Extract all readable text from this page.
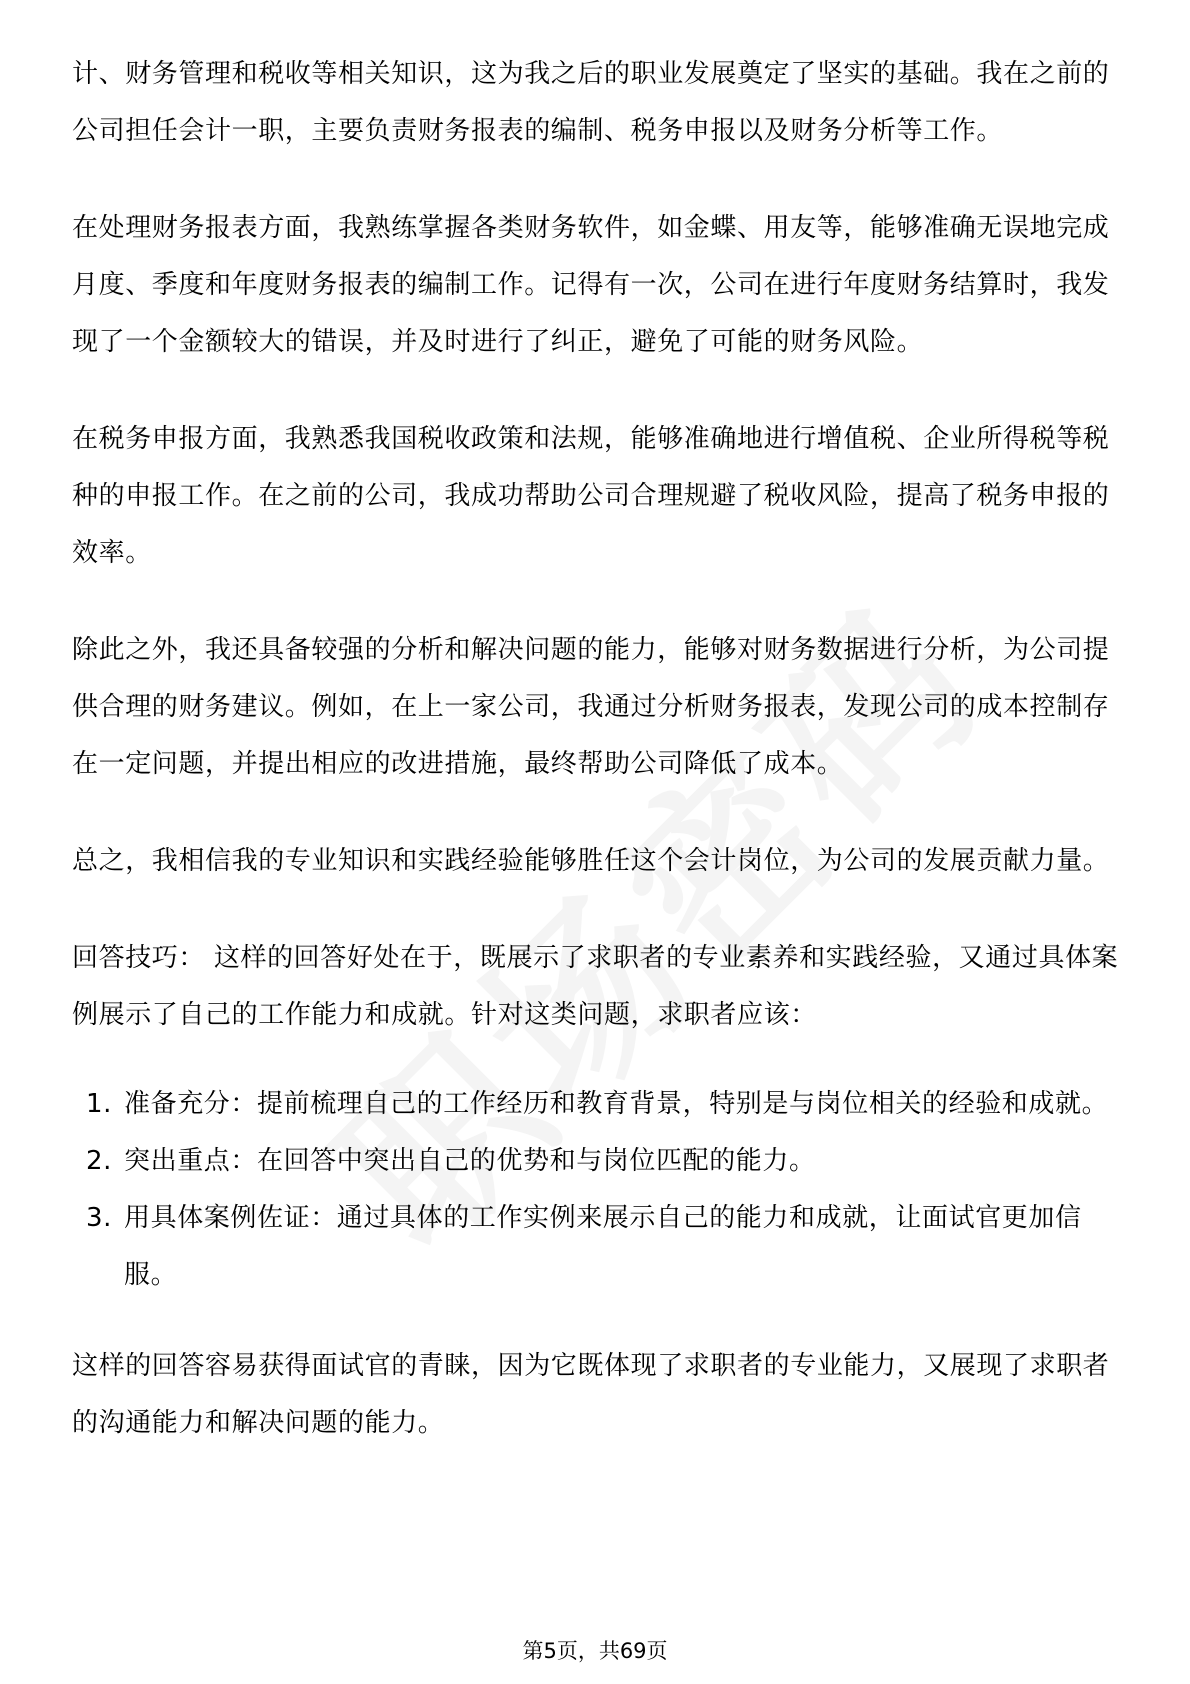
计、财务管理和税收等相关知识，这为我之后的职业发展奠定了坚实的基础。我在之前的公司担任会计一职，主要负责财务报表的编制、税务申报以及财务分析等工作。

在处理财务报表方面，我熟练掌握各类财务软件，如金蝶、用友等，能够准确无误地完成月度、季度和年度财务报表的编制工作。记得有一次，公司在进行年度财务结算时，我发现了一个金额较大的错误，并及时进行了纠正，避免了可能的财务风险。

在税务申报方面，我熟悉我国税收政策和法规，能够准确地进行增值税、企业所得税等税种的申报工作。在之前的公司，我成功帮助公司合理规避了税收风险，提高了税务申报的效率。

除此之外，我还具备较强的分析和解决问题的能力，能够对财务数据进行分析，为公司提供合理的财务建议。例如，在上一家公司，我通过分析财务报表，发现公司的成本控制存在一定问题，并提出相应的改进措施，最终帮助公司降低了成本。

总之，我相信我的专业知识和实践经验能够胜任这个会计岗位，为公司的发展贡献力量。

回答技巧： 这样的回答好处在于，既展示了求职者的专业素养和实践经验，又通过具体案例展示了自己的工作能力和成就。针对这类问题，求职者应该：

1. 准备充分：提前梳理自己的工作经历和教育背景，特别是与岗位相关的经验和成就。
2. 突出重点：在回答中突出自己的优势和与岗位匹配的能力。
3. 用具体案例佐证：通过具体的工作实例来展示自己的能力和成就，让面试官更加信服。

这样的回答容易获得面试官的青睐，因为它既体现了求职者的专业能力，又展现了求职者的沟通能力和解决问题的能力。

第5页，共69页
